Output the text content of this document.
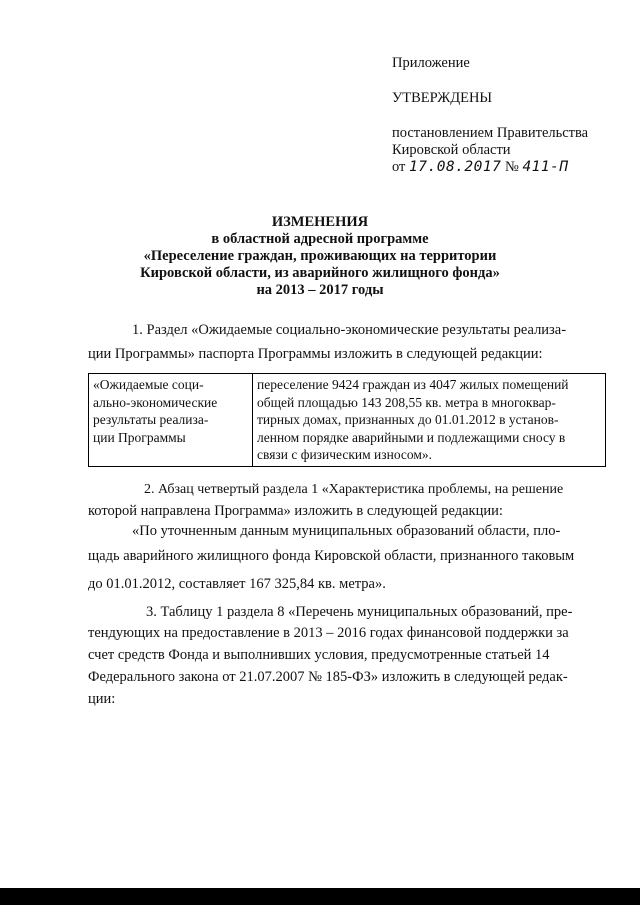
Приложение
УТВЕРЖДЕНЫ
постановлением Правительства
Кировской области
от 17.08.2017 № 411-П
ИЗМЕНЕНИЯ
в областной адресной программе
«Переселение граждан, проживающих на территории
Кировской области, из аварийного жилищного фонда»
на 2013 – 2017 годы
1. Раздел «Ожидаемые социально-экономические результаты реализа-
ции Программы» паспорта Программы изложить в следующей редакции:
«Ожидаемые соци-
ально-экономические
результаты реализа-
ции Программы

переселение 9424 граждан из 4047 жилых помещений
общей площадью 143 208,55 кв. метра в многоквар-
тирных домах, признанных до 01.01.2012 в установ-
ленном порядке аварийными и подлежащими сносу в
связи с физическим износом».
2. Абзац четвертый раздела 1 «Характеристика проблемы, на решение
которой направлена Программа» изложить в следующей редакции:
«По уточненным данным муниципальных образований области, пло-
щадь аварийного жилищного фонда Кировской области, признанного таковым
до 01.01.2012, составляет 167 325,84 кв. метра».
3. Таблицу 1 раздела 8 «Перечень муниципальных образований, пре-
тендующих на предоставление в 2013 – 2016 годах финансовой поддержки за
счет средств Фонда и выполнивших условия, предусмотренные статьей 14
Федерального закона от 21.07.2007 № 185-ФЗ» изложить в следующей редак-
ции:
